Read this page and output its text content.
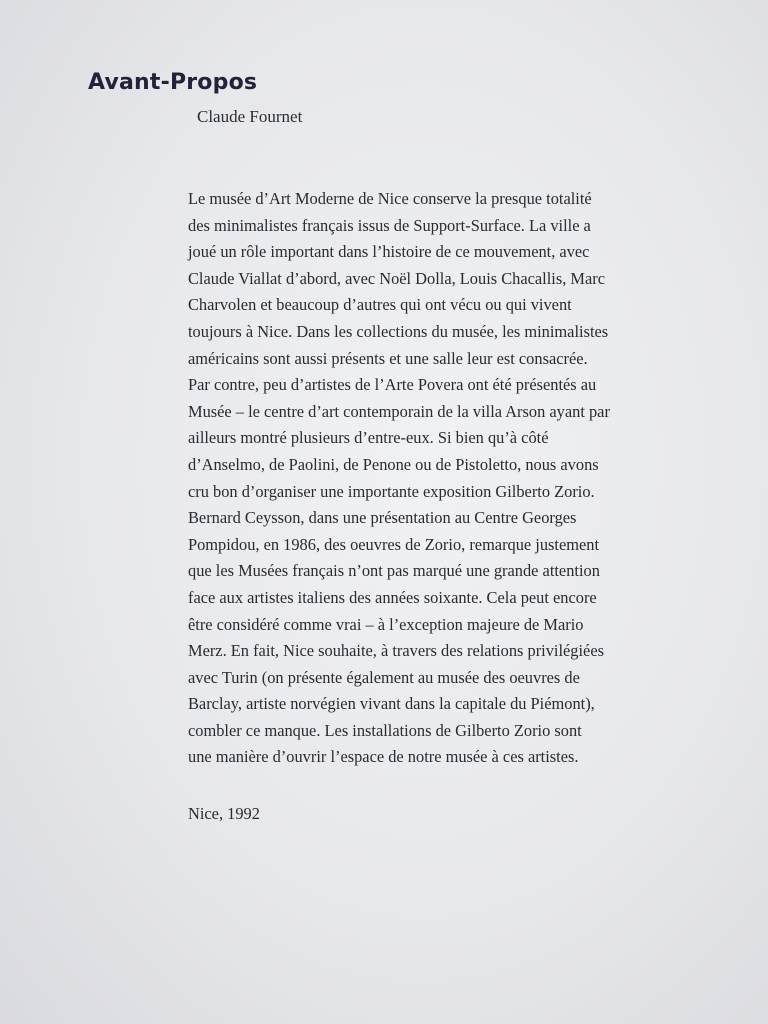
Avant-Propos

Claude Fournet

Le musée d’Art Moderne de Nice conserve la presque totalité
des minimalistes français issus de Support-Surface. La ville a
joué un rôle important dans l’histoire de ce mouvement, avec
Claude Viallat d’abord, avec Noël Dolla, Louis Chacallis, Marc
Charvolen et beaucoup d’autres qui ont vécu ou qui vivent
toujours à Nice. Dans les collections du musée, les minimalistes
américains sont aussi présents et une salle leur est consacrée.
Par contre, peu d’artistes de l’Arte Povera ont été présentés au
Musée – le centre d’art contemporain de la villa Arson ayant par
ailleurs montré plusieurs d’entre-eux. Si bien qu’à côté
d’Anselmo, de Paolini, de Penone ou de Pistoletto, nous avons
cru bon d’organiser une importante exposition Gilberto Zorio.
Bernard Ceysson, dans une présentation au Centre Georges
Pompidou, en 1986, des oeuvres de Zorio, remarque justement
que les Musées français n’ont pas marqué une grande attention
face aux artistes italiens des années soixante. Cela peut encore
être considéré comme vrai – à l’exception majeure de Mario
Merz. En fait, Nice souhaite, à travers des relations privilégiées
avec Turin (on présente également au musée des oeuvres de
Barclay, artiste norvégien vivant dans la capitale du Piémont),
combler ce manque. Les installations de Gilberto Zorio sont
une manière d’ouvrir l’espace de notre musée à ces artistes.

Nice, 1992
